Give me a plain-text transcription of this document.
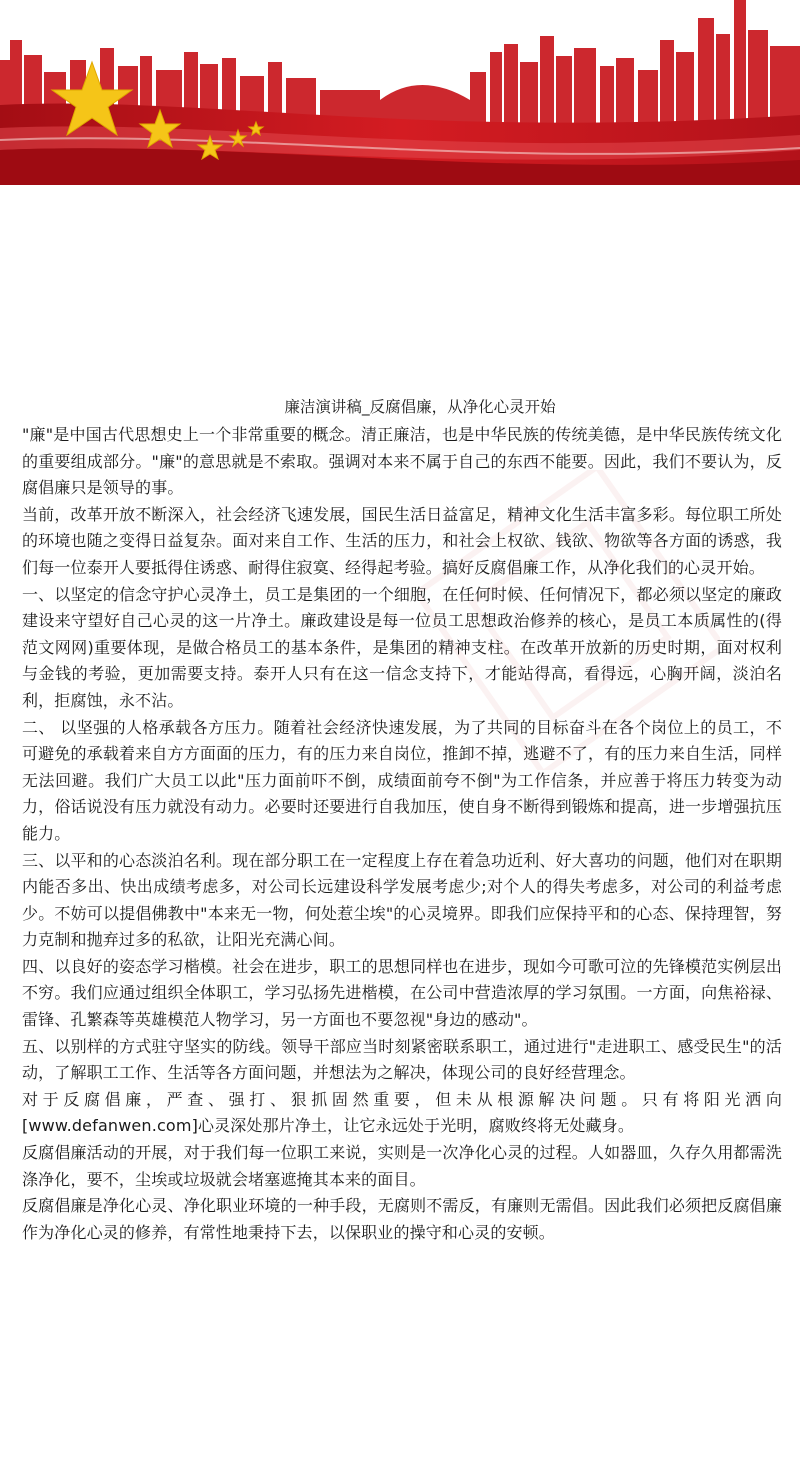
廉洁演讲稿_反腐倡廉，从净化心灵开始

"廉"是中国古代思想史上一个非常重要的概念。清正廉洁，也是中华民族的传统美德，是中华民族传统文化的重要组成部分。"廉"的意思就是不索取。强调对本来不属于自己的东西不能要。因此，我们不要认为，反腐倡廉只是领导的事。

当前，改革开放不断深入，社会经济飞速发展，国民生活日益富足，精神文化生活丰富多彩。每位职工所处的环境也随之变得日益复杂。面对来自工作、生活的压力，和社会上权欲、钱欲、物欲等各方面的诱惑，我们每一位泰开人要抵得住诱惑、耐得住寂寞、经得起考验。搞好反腐倡廉工作，从净化我们的心灵开始。

一、以坚定的信念守护心灵净土，员工是集团的一个细胞，在任何时候、任何情况下，都必须以坚定的廉政建设来守望好自己心灵的这一片净土。廉政建设是每一位员工思想政治修养的核心，是员工本质属性的(得范文网网)重要体现，是做合格员工的基本条件，是集团的精神支柱。在改革开放新的历史时期，面对权利与金钱的考验，更加需要支持。泰开人只有在这一信念支持下，才能站得高，看得远，心胸开阔，淡泊名利，拒腐蚀，永不沾。

二、 以坚强的人格承载各方压力。随着社会经济快速发展，为了共同的目标奋斗在各个岗位上的员工，不可避免的承载着来自方方面面的压力，有的压力来自岗位，推卸不掉，逃避不了，有的压力来自生活，同样无法回避。我们广大员工以此"压力面前吓不倒，成绩面前夸不倒"为工作信条，并应善于将压力转变为动力，俗话说没有压力就没有动力。必要时还要进行自我加压，使自身不断得到锻炼和提高，进一步增强抗压能力。

三、以平和的心态淡泊名利。现在部分职工在一定程度上存在着急功近利、好大喜功的问题，他们对在职期内能否多出、快出成绩考虑多，对公司长远建设科学发展考虑少;对个人的得失考虑多，对公司的利益考虑少。不妨可以提倡佛教中"本来无一物，何处惹尘埃"的心灵境界。即我们应保持平和的心态、保持理智，努力克制和抛弃过多的私欲，让阳光充满心间。

四、以良好的姿态学习楷模。社会在进步，职工的思想同样也在进步，现如今可歌可泣的先锋模范实例层出不穷。我们应通过组织全体职工，学习弘扬先进楷模，在公司中营造浓厚的学习氛围。一方面，向焦裕禄、雷锋、孔繁森等英雄模范人物学习，另一方面也不要忽视"身边的感动"。

五、以别样的方式驻守坚实的防线。领导干部应当时刻紧密联系职工，通过进行"走进职工、感受民生"的活动，了解职工工作、生活等各方面问题，并想法为之解决，体现公司的良好经营理念。

对于反腐倡廉，严查、强打、狠抓固然重要，但未从根源解决问题。只有将阳光洒向[www.defanwen.com]心灵深处那片净土，让它永远处于光明，腐败终将无处藏身。

反腐倡廉活动的开展，对于我们每一位职工来说，实则是一次净化心灵的过程。人如器皿，久存久用都需洗涤净化，要不，尘埃或垃圾就会堵塞遮掩其本来的面目。

反腐倡廉是净化心灵、净化职业环境的一种手段，无腐则不需反，有廉则无需倡。因此我们必须把反腐倡廉作为净化心灵的修养，有常性地秉持下去，以保职业的操守和心灵的安顿。
